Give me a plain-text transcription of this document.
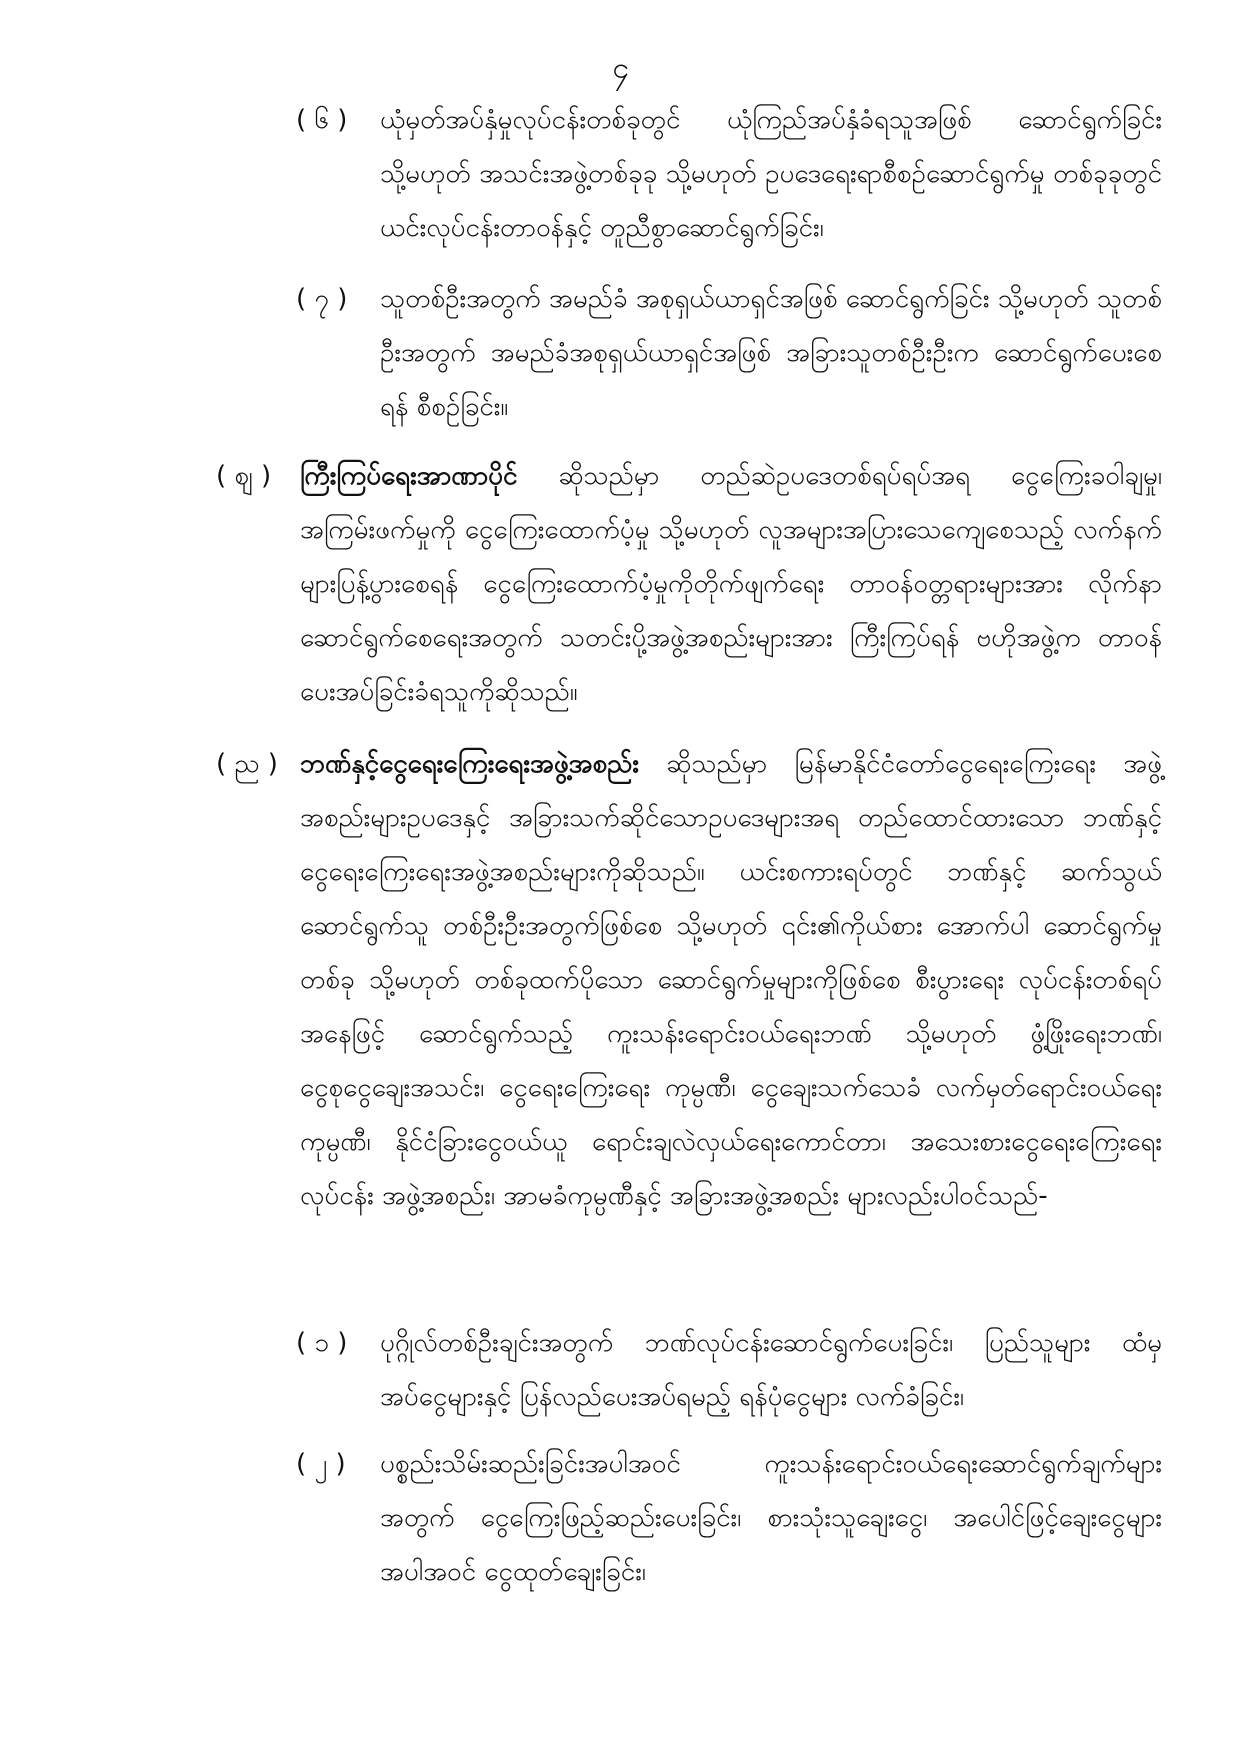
၄
( ၆ ) ယုံမှတ်အပ်နှံမှုလုပ်ငန်းတစ်ခုတွင် ယုံကြည်အပ်နှံခံရသူအဖြစ် ဆောင်ရွက်ခြင်း သို့မဟုတ် အသင်းအဖွဲ့တစ်ခုခု သို့မဟုတ် ဥပဒေရေးရာစီစဉ်ဆောင်ရွက်မှု တစ်ခုခုတွင် ယင်းလုပ်ငန်းတာဝန်နှင့် တူညီစွာဆောင်ရွက်ခြင်း၊
( ၇ ) သူတစ်ဦးအတွက် အမည်ခံ အစုရှယ်ယာရှင်အဖြစ် ဆောင်ရွက်ခြင်း သို့မဟုတ် သူတစ်ဦးအတွက် အမည်ခံအစုရှယ်ယာရှင်အဖြစ် အခြားသူတစ်ဦးဦးက ဆောင်ရွက်ပေးစေရန် စီစဉ်ခြင်း။
( ဈ ) ကြီးကြပ်ရေးအာဏာပိုင် ဆိုသည်မှာ တည်ဆဲဥပဒေတစ်ရပ်ရပ်အရ ငွေကြေးခဝါချမှု၊ အကြမ်းဖက်မှုကို ငွေကြေးထောက်ပံ့မှု သို့မဟုတ် လူအများအပြားသေကျေစေသည့် လက်နက်များပြန့်ပွားစေရန် ငွေကြေးထောက်ပံ့မှုကိုတိုက်ဖျက်ရေး တာဝန်ဝတ္တရားများအား လိုက်နာဆောင်ရွက်စေရေးအတွက် သတင်းပို့အဖွဲ့အစည်းများအား ကြီးကြပ်ရန် ဗဟိုအဖွဲ့က တာဝန်ပေးအပ်ခြင်းခံရသူကိုဆိုသည်။
( ည ) ဘဏ်နှင့်ငွေရေးကြေးရေးအဖွဲ့အစည်း ဆိုသည်မှာ မြန်မာနိုင်ငံတော်ငွေရေးကြေးရေး အဖွဲ့အစည်းများဥပဒေနှင့် အခြားသက်ဆိုင်သောဥပဒေများအရ တည်ထောင်ထားသော ဘဏ်နှင့် ငွေရေးကြေးရေးအဖွဲ့အစည်းများကိုဆိုသည်။ ယင်းစကားရပ်တွင် ဘဏ်နှင့် ဆက်သွယ်ဆောင်ရွက်သူ တစ်ဦးဦးအတွက်ဖြစ်စေ သို့မဟုတ် ၎င်း၏ကိုယ်စား အောက်ပါ ဆောင်ရွက်မှုတစ်ခု သို့မဟုတ် တစ်ခုထက်ပိုသော ဆောင်ရွက်မှုများကိုဖြစ်စေ စီးပွားရေး လုပ်ငန်းတစ်ရပ်အနေဖြင့် ဆောင်ရွက်သည့် ကူးသန်းရောင်းဝယ်ရေးဘဏ် သို့မဟုတ် ဖွံ့ဖြိုးရေးဘဏ်၊ ငွေစုငွေချေးအသင်း၊ ငွေရေးကြေးရေး ကုမ္ပဏီ၊ ငွေချေးသက်သေခံ လက်မှတ်ရောင်းဝယ်ရေးကုမ္ပဏီ၊ နိုင်ငံခြားငွေဝယ်ယူ ရောင်းချလဲလှယ်ရေးကောင်တာ၊ အသေးစားငွေရေးကြေးရေးလုပ်ငန်း အဖွဲ့အစည်း၊ အာမခံကုမ္ပဏီနှင့် အခြားအဖွဲ့အစည်း များလည်းပါဝင်သည်-
( ၁ ) ပုဂ္ဂိုလ်တစ်ဦးချင်းအတွက် ဘဏ်လုပ်ငန်းဆောင်ရွက်ပေးခြင်း၊ ပြည်သူများ ထံမှ အပ်ငွေများနှင့် ပြန်လည်ပေးအပ်ရမည့် ရန်ပုံငွေများ လက်ခံခြင်း၊
( ၂ ) ပစ္စည်းသိမ်းဆည်းခြင်းအပါအဝင် ကူးသန်းရောင်းဝယ်ရေးဆောင်ရွက်ချက်များ အတွက် ငွေကြေးဖြည့်ဆည်းပေးခြင်း၊ စားသုံးသူချေးငွေ၊ အပေါင်ဖြင့်ချေးငွေများ အပါအဝင် ငွေထုတ်ချေးခြင်း၊
